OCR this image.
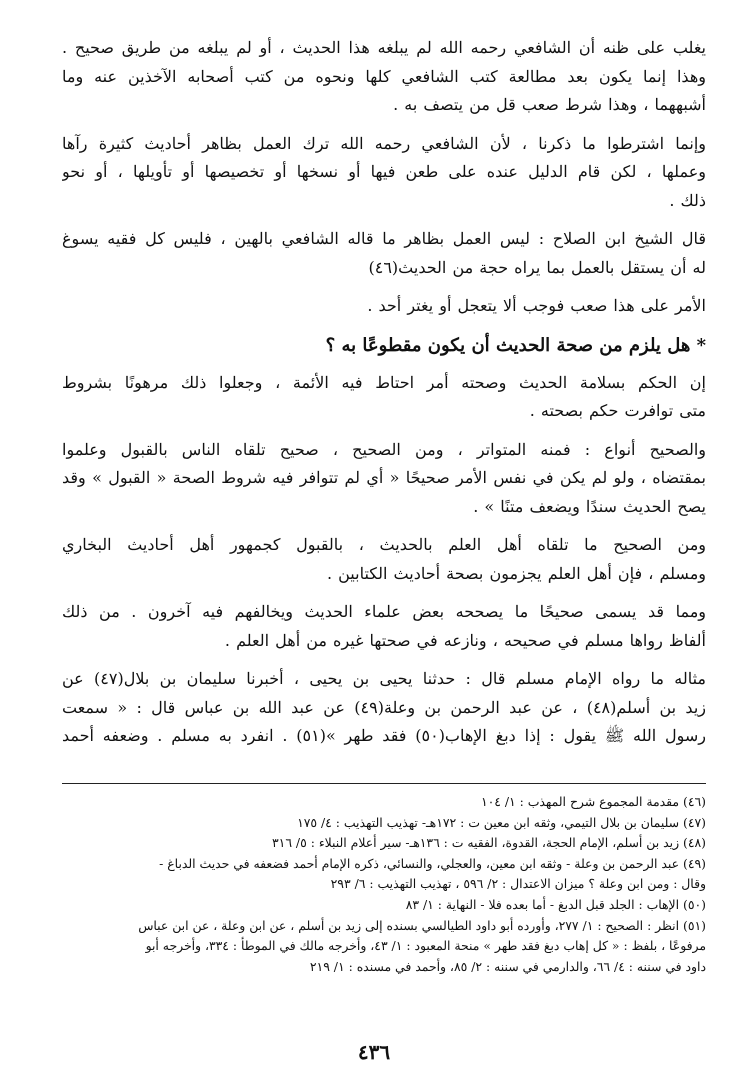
يغلب على ظنه أن الشافعي رحمه الله لم يبلغه هذا الحديث ، أو لم يبلغه من طريق صحيح .
وهذا إنما يكون بعد مطالعة كتب الشافعي كلها ونحوه من كتب أصحابه الآخذين عنه وما
أشبههما ، وهذا شرط صعب قل من يتصف به .

وإنما اشترطوا ما ذكرنا ، لأن الشافعي رحمه الله ترك العمل بظاهر أحاديث كثيرة رآها
وعملها ، لكن قام الدليل عنده على طعن فيها أو نسخها أو تخصيصها أو تأويلها ، أو نحو
ذلك .

قال الشيخ ابن الصلاح : ليس العمل بظاهر ما قاله الشافعي بالهين ، فليس كل فقيه يسوغ
له أن يستقل بالعمل بما يراه حجة من الحديث(٤٦)

الأمر على هذا صعب فوجب ألا يتعجل أو يغتر أحد .

* هل يلزم من صحة الحديث أن يكون مقطوعًا به ؟

إن الحكم بسلامة الحديث وصحته أمر احتاط فيه الأئمة ، وجعلوا ذلك مرهونًا بشروط
متى توافرت حكم بصحته .

والصحيح أنواع : فمنه المتواتر ، ومن الصحيح ، صحيح تلقاه الناس بالقبول وعلموا
بمقتضاه ، ولو لم يكن في نفس الأمر صحيحًا « أي لم تتوافر فيه شروط الصحة « القبول » وقد
يصح الحديث سندًا ويضعف متنًا » .

ومن الصحيح ما تلقاه أهل العلم بالحديث ، بالقبول كجمهور أهل أحاديث البخاري
ومسلم ، فإن أهل العلم يجزمون بصحة أحاديث الكتابين .

ومما قد يسمى صحيحًا ما يصححه بعض علماء الحديث ويخالفهم فيه آخرون . من ذلك
ألفاظ رواها مسلم في صحيحه ، ونازعه في صحتها غيره من أهل العلم .

مثاله ما رواه الإمام مسلم قال : حدثنا يحيى بن يحيى ، أخبرنا سليمان بن بلال(٤٧) عن
زيد بن أسلم(٤٨) ، عن عبد الرحمن بن وعلة(٤٩) عن عبد الله بن عباس قال : « سمعت
رسول الله ﷺ يقول : إذا دبغ الإهاب(٥٠) فقد طهر »(٥١) . انفرد به مسلم . وضعفه أحمد

(٤٦) مقدمة المجموع شرح المهذب : ١/ ١٠٤
(٤٧) سليمان بن بلال التيمي، وثقه ابن معين ت : ١٧٢هـ- تهذيب التهذيب : ٤/ ١٧٥
(٤٨) زيد بن أسلم، الإمام الحجة، القدوة، الفقيه ت : ١٣٦هـ- سير أعلام النبلاء : ٥/ ٣١٦
(٤٩) عبد الرحمن بن وعلة - وثقه ابن معين، والعجلي، والنسائي، ذكره الإمام أحمد فضعفه في حديث الدباغ -
وقال : ومن ابن وعلة ؟ ميزان الاعتدال : ٢/ ٥٩٦ ، تهذيب التهذيب : ٦/ ٢٩٣
(٥٠) الإهاب : الجلد قبل الدبغ - أما بعده فلا - النهاية : ١/ ٨٣
(٥١) انظر : الصحيح : ١/ ٢٧٧، وأورده أبو داود الطيالسي بسنده إلى زيد بن أسلم ، عن ابن وعلة ، عن ابن عباس
مرفوعًا ، بلفظ : « كل إهاب دبغ فقد طهر » منحة المعبود : ١/ ٤٣، وأخرجه مالك في الموطأ : ٣٣٤، وأخرجه أبو
داود في سننه : ٤/ ٦٦، والدارمي في سننه : ٢/ ٨٥، وأحمد في مسنده : ١/ ٢١٩
٤٣٦
